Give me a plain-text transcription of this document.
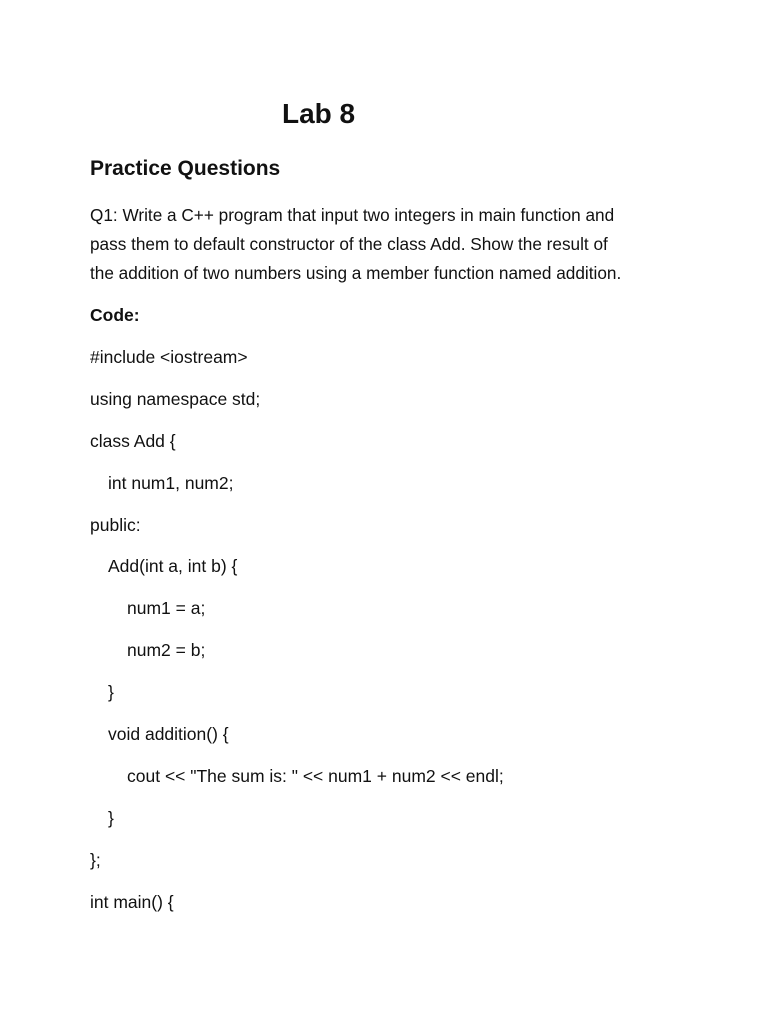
Lab 8
Practice Questions

Q1: Write a C++ program that input two integers in main function and
pass them to default constructor of the class Add. Show the result of
the addition of two numbers using a member function named addition.

Code:

#include <iostream>
using namespace std;
class Add {
int num1, num2;
public:
Add(int a, int b) {
num1 = a;
num2 = b;
}
void addition() {
cout << "The sum is: " << num1 + num2 << endl;
}
};
int main() {
